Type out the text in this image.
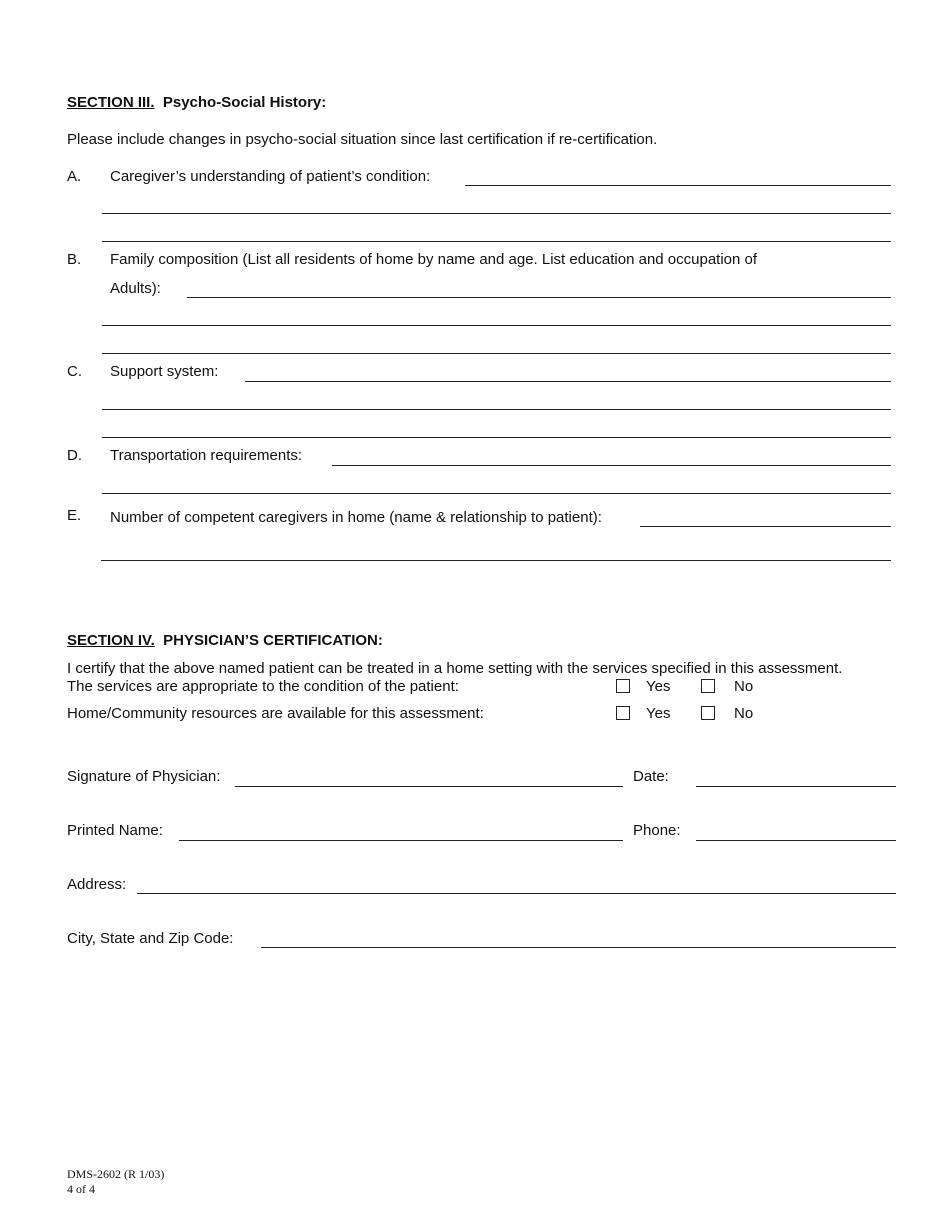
SECTION III. Psycho-Social History:
Please include changes in psycho-social situation since last certification if re-certification.
A. Caregiver’s understanding of patient’s condition:
B. Family composition (List all residents of home by name and age. List education and occupation of
Adults):
C. Support system:
D. Transportation requirements:
E. Number of competent caregivers in home (name & relationship to patient):
SECTION IV. PHYSICIAN’S CERTIFICATION:
I certify that the above named patient can be treated in a home setting with the services specified in this assessment.
The services are appropriate to the condition of the patient:	Yes	No
Home/Community resources are available for this assessment:	Yes	No
Signature of Physician:	Date:
Printed Name:	Phone:
Address:
City, State and Zip Code:
DMS-2602 (R 1/03)
4 of 4
